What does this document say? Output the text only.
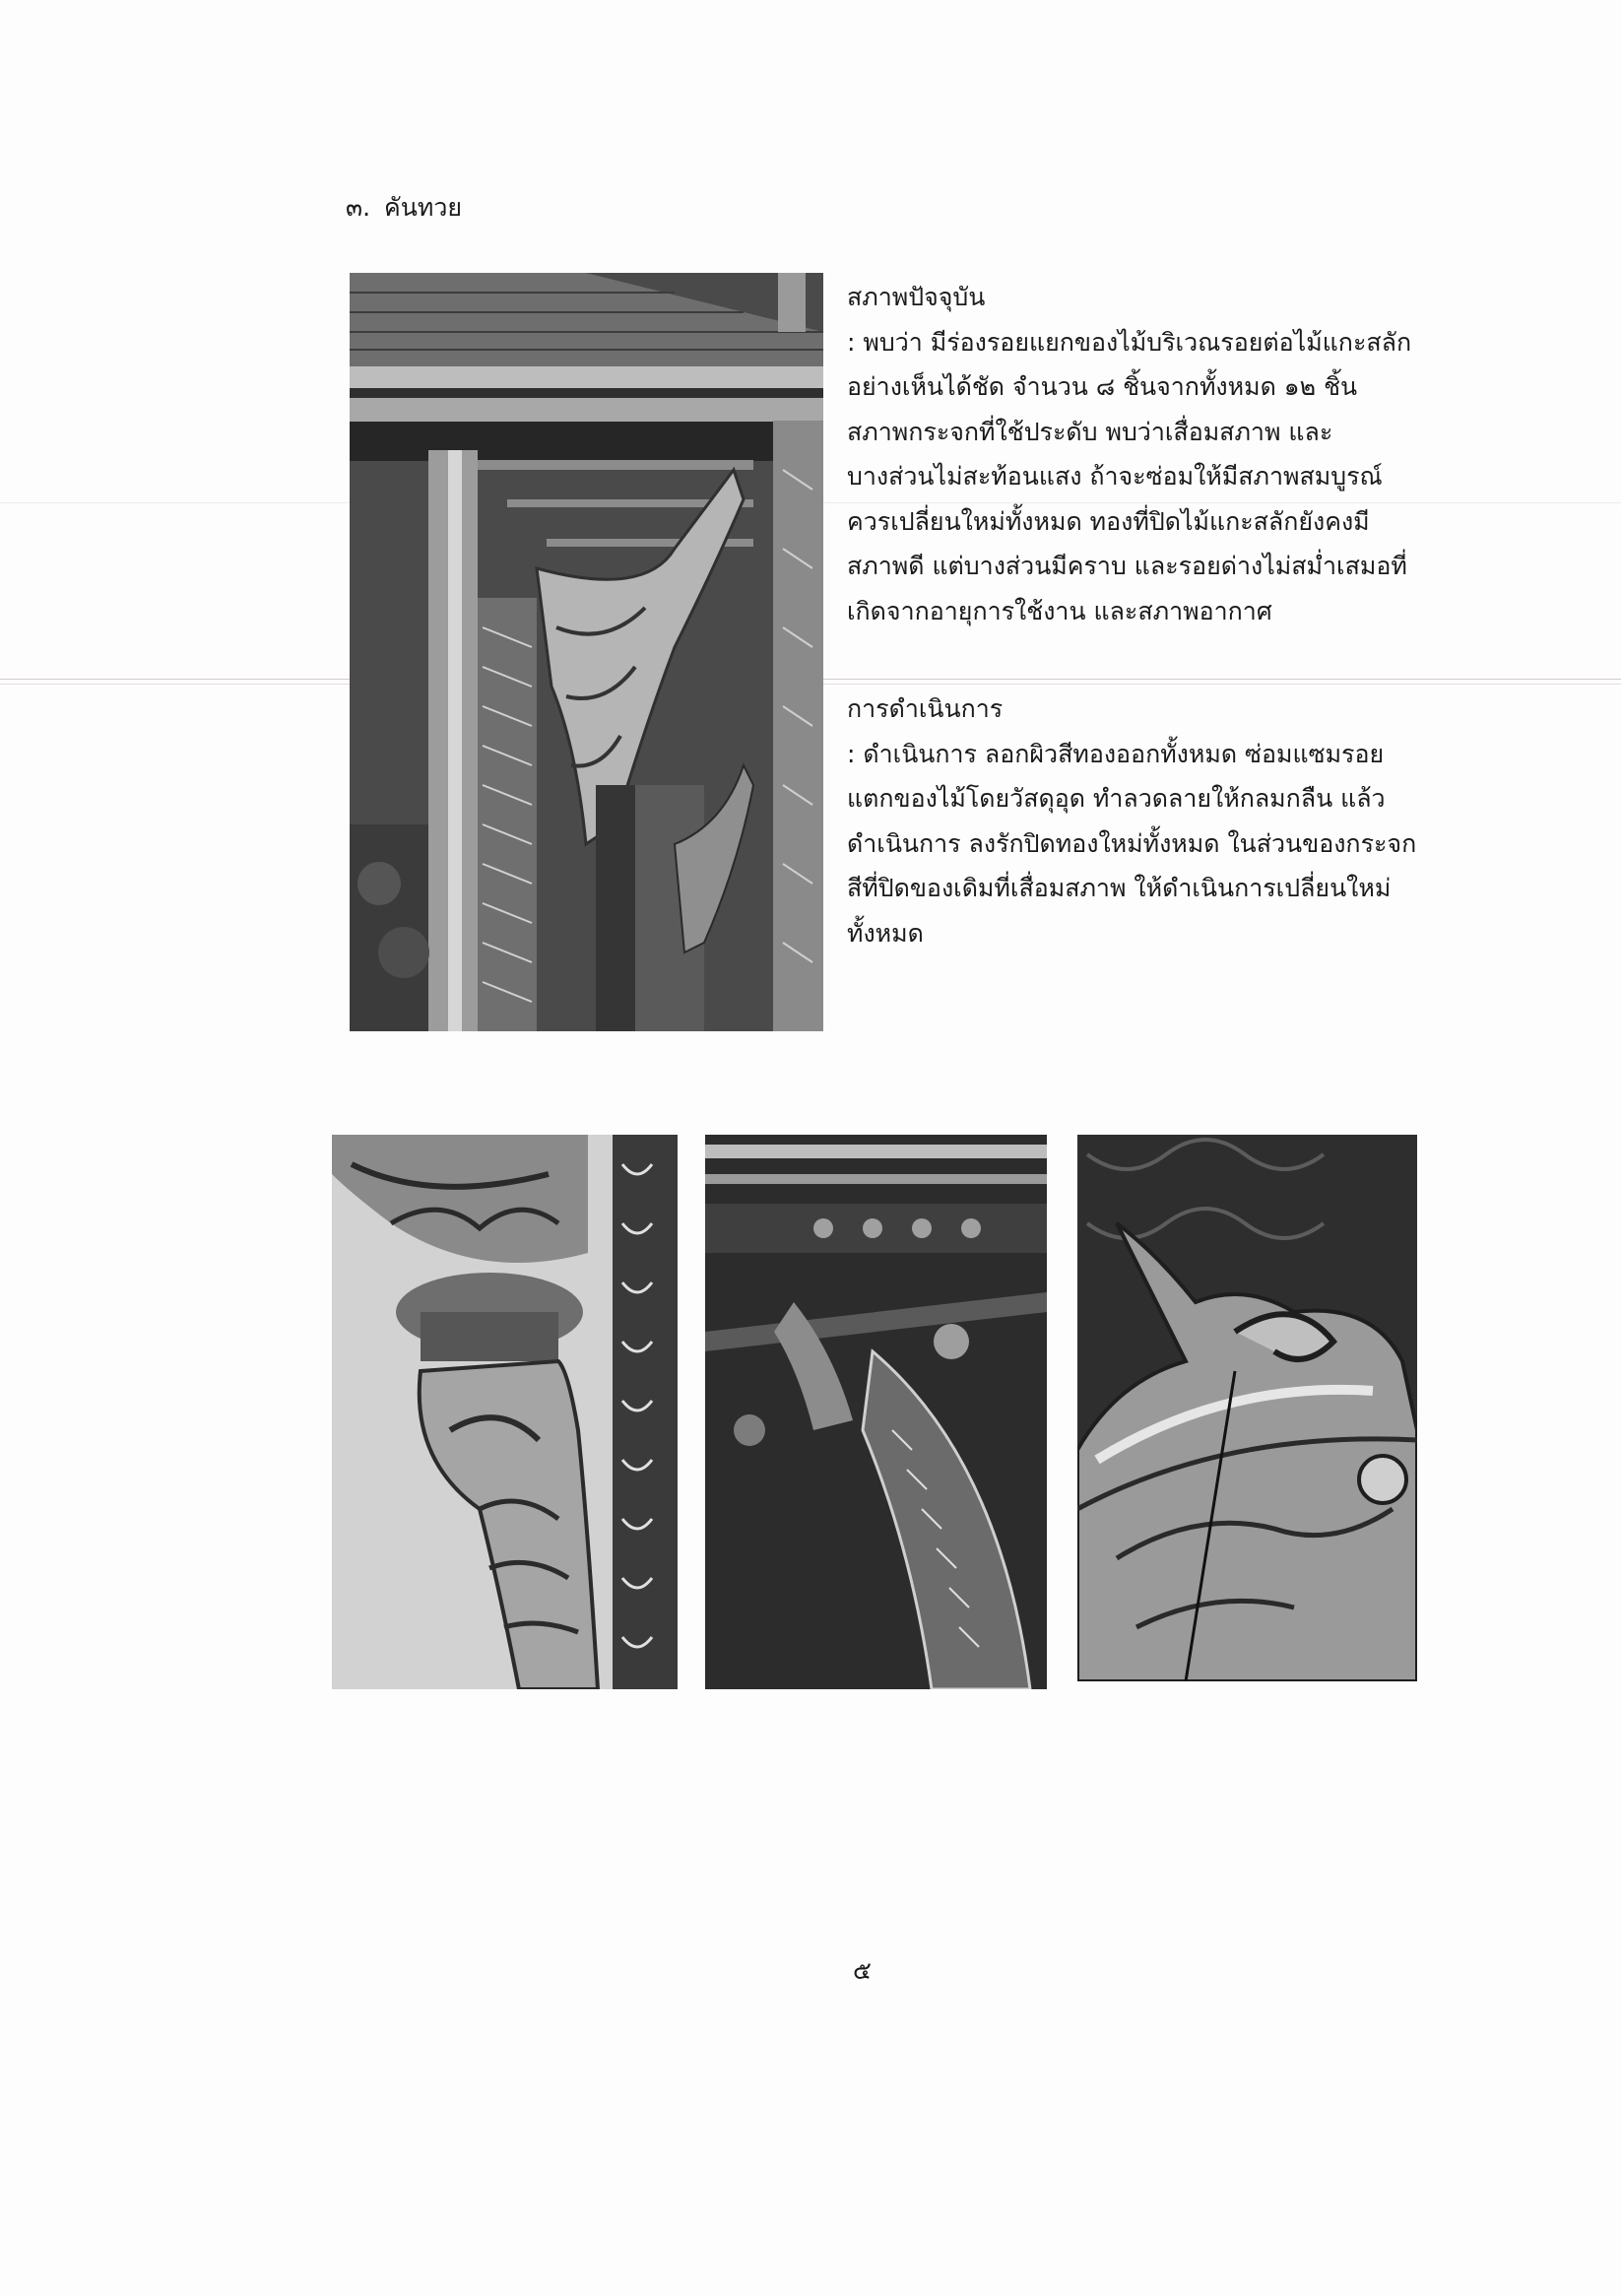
๓. คันทวย
สภาพปัจจุบัน
: พบว่า มีร่องรอยแยกของไม้บริเวณรอยต่อไม้แกะสลัก
อย่างเห็นได้ชัด จำนวน ๘ ชิ้นจากทั้งหมด ๑๒ ชิ้น
สภาพกระจกที่ใช้ประดับ พบว่าเสื่อมสภาพ และ
บางส่วนไม่สะท้อนแสง ถ้าจะซ่อมให้มีสภาพสมบูรณ์
ควรเปลี่ยนใหม่ทั้งหมด ทองที่ปิดไม้แกะสลักยังคงมี
สภาพดี แต่บางส่วนมีคราบ และรอยด่างไม่สม่ำเสมอที่
เกิดจากอายุการใช้งาน และสภาพอากาศ
การดำเนินการ
: ดำเนินการ ลอกผิวสีทองออกทั้งหมด ซ่อมแซมรอย
แตกของไม้โดยวัสดุอุด ทำลวดลายให้กลมกลืน แล้ว
ดำเนินการ ลงรักปิดทองใหม่ทั้งหมด ในส่วนของกระจก
สีที่ปิดของเดิมที่เสื่อมสภาพ ให้ดำเนินการเปลี่ยนใหม่
ทั้งหมด
๕
